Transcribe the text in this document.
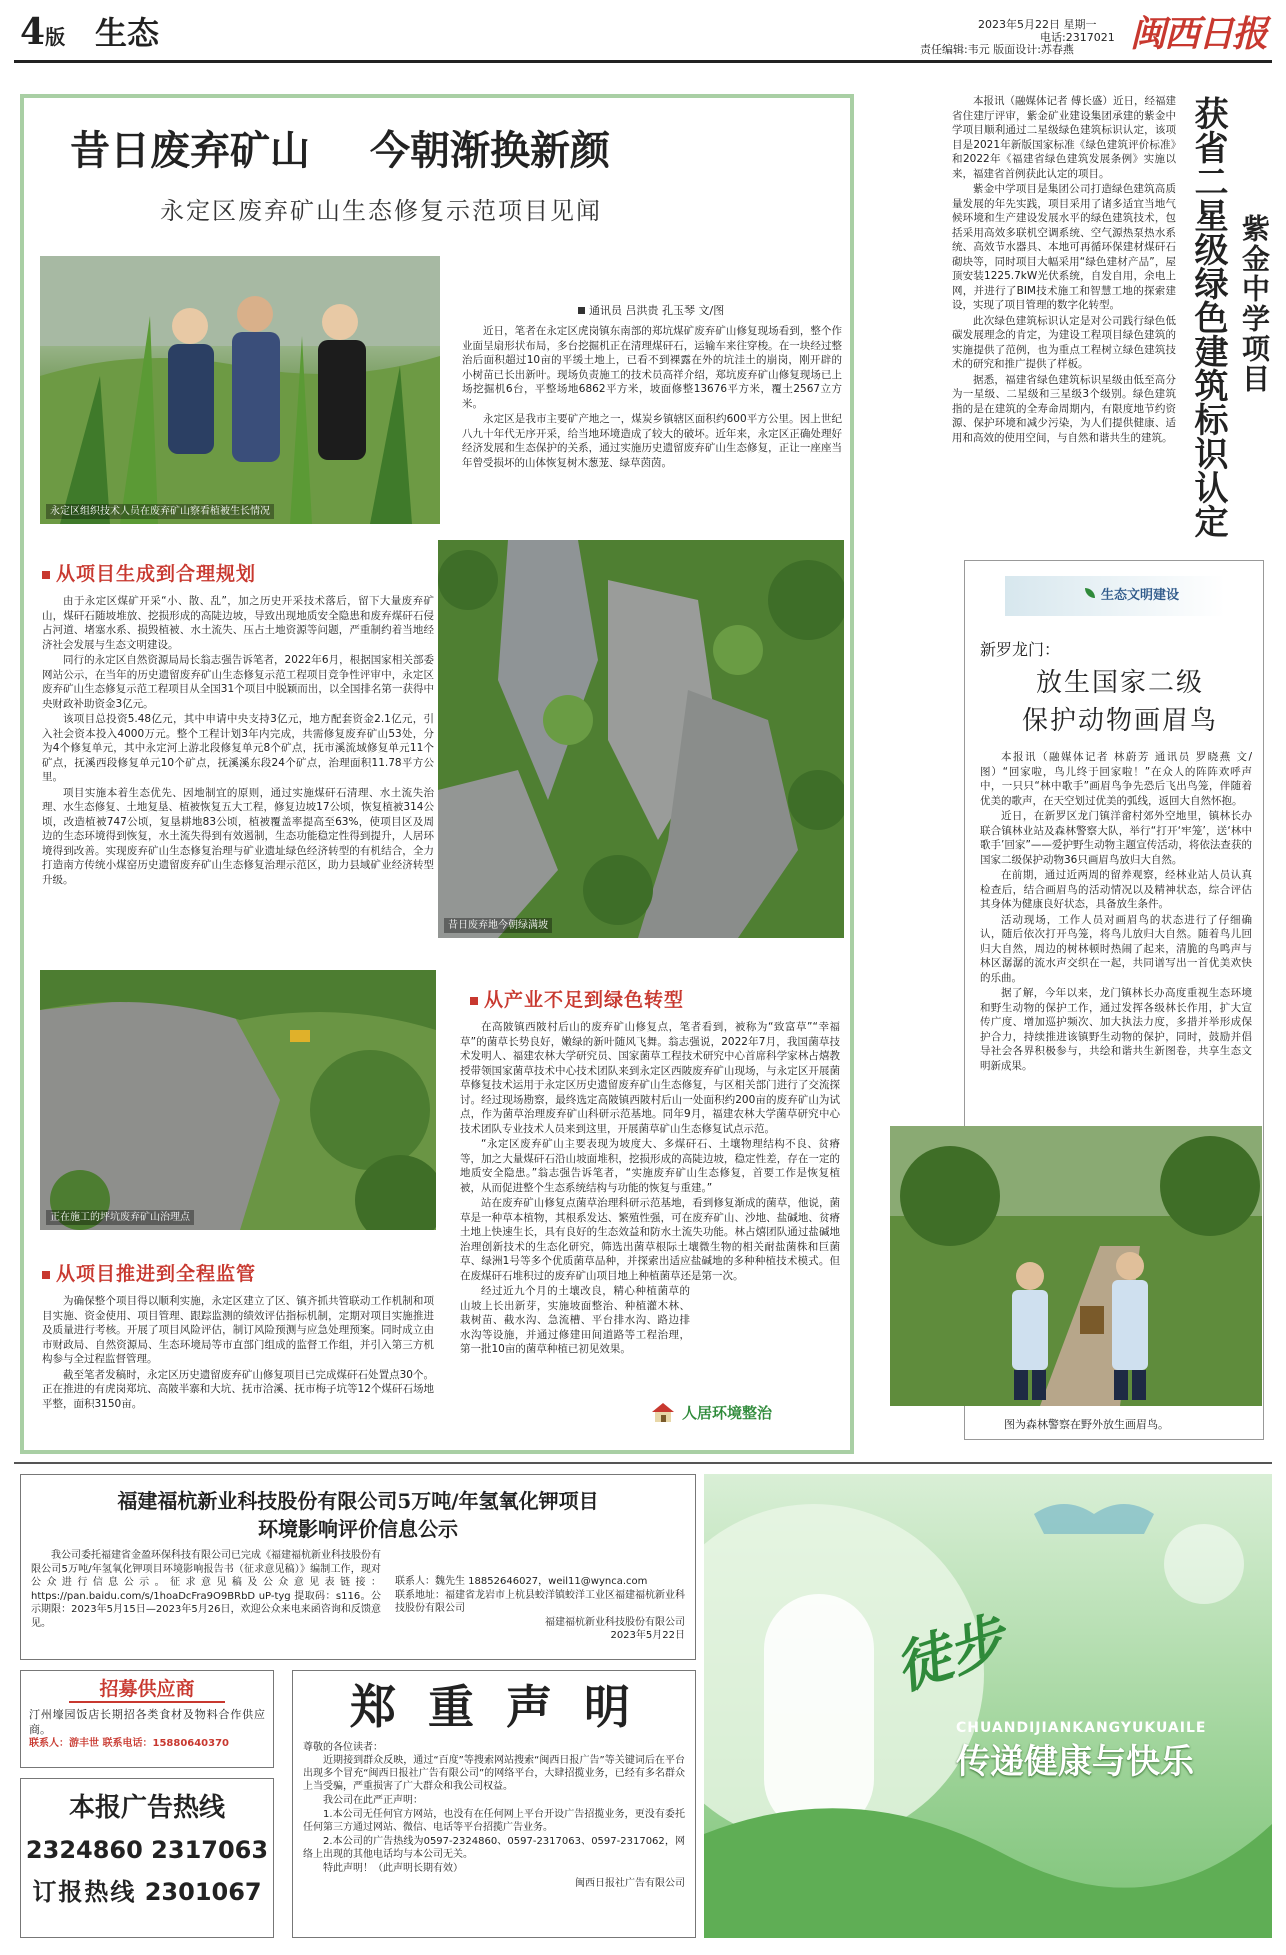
4版 生态	2023年5月22日 星期一
电话:2317021
责任编辑:韦元 版面设计:苏春燕 闽西日报
昔日废弃矿山 今朝渐换新颜
永定区废弃矿山生态修复示范项目见闻
永定区组织技术人员在废弃矿山察看植被生长情况
通讯员 吕洪贵 孔玉琴 文/图

近日，笔者在永定区虎岗镇东南部的郑坑煤矿废弃矿山修复现场看到，整个作业面呈扇形状布局，多台挖掘机正在清理煤矸石，运输车来往穿梭。在一块经过整治后面积超过10亩的平缓土地上，已看不到裸露在外的坑洼土的崩岗，刚开辟的小树苗已长出新叶。现场负责施工的技术员高祥介绍，郑坑废弃矿山修复现场已上场挖掘机6台，平整场地6862平方米，坡面修整13676平方米，覆土2567立方米。

永定区是我市主要矿产地之一，煤炭乡镇辖区面积约600平方公里。因上世纪八九十年代无序开采，给当地环境造成了较大的破坏。近年来，永定区正确处理好经济发展和生态保护的关系，通过实施历史遗留废弃矿山生态修复，正让一座座当年曾受损坏的山体恢复树木葱茏、绿草茵茵。

昔日废弃地今朝绿满坡
从项目生成到合理规划

由于永定区煤矿开采“小、散、乱”，加之历史开采技术落后，留下大量废弃矿山，煤矸石随坡堆放、挖损形成的高陡边坡，导致出现地质安全隐患和废弃煤矸石侵占河道、堵塞水系、损毁植被、水土流失、压占土地资源等问题，严重制约着当地经济社会发展与生态文明建设。

同行的永定区自然资源局局长翁志强告诉笔者，2022年6月，根据国家相关部委网站公示，在当年的历史遗留废弃矿山生态修复示范工程项目竞争性评审中，永定区废弃矿山生态修复示范工程项目从全国31个项目中脱颖而出，以全国排名第一获得中央财政补助资金3亿元。

该项目总投资5.48亿元，其中申请中央支持3亿元，地方配套资金2.1亿元，引入社会资本投入4000万元。整个工程计划3年内完成，共需修复废弃矿山53处，分为4个修复单元，其中永定河上游北段修复单元8个矿点，抚市溪流域修复单元11个矿点，抚溪西段修复单元10个矿点，抚溪溪东段24个矿点，治理面积11.78平方公里。

项目实施本着生态优先、因地制宜的原则，通过实施煤矸石清理、水土流失治理、水生态修复、土地复垦、植被恢复五大工程，修复边坡17公顷，恢复植被314公顷，改造植被747公顷，复垦耕地83公顷，植被覆盖率提高至63%，使项目区及周边的生态环境得到恢复，水土流失得到有效遏制，生态功能稳定性得到提升，人居环境得到改善。实现废弃矿山生态修复治理与矿业遗址绿色经济转型的有机结合，全力打造南方传统小煤窑历史遗留废弃矿山生态修复治理示范区，助力县域矿业经济转型升级。

正在施工的坪坑废弃矿山治理点
从项目推进到全程监管

为确保整个项目得以顺利实施，永定区建立了区、镇齐抓共管联动工作机制和项目实施、资金使用、项目管理、跟踪监测的绩效评估指标机制，定期对项目实施推进及质量进行考核。开展了项目风险评估，制订风险预测与应急处理预案。同时成立由市财政局、自然资源局、生态环境局等市直部门组成的监督工作组，并引入第三方机构参与全过程监督管理。

截至笔者发稿时，永定区历史遗留废弃矿山修复项目已完成煤矸石处置点30个。正在推进的有虎岗郑坑、高陂半寨和大坑、抚市洽溪、抚市梅子坑等12个煤矸石场地平整，面积3150亩。

从产业不足到绿色转型

在高陂镇西陂村后山的废弃矿山修复点，笔者看到，被称为“致富草”“幸福草”的菌草长势良好，嫩绿的新叶随风飞舞。翁志强说，2022年7月，我国菌草技术发明人、福建农林大学研究员、国家菌草工程技术研究中心首席科学家林占熺教授带领国家菌草技术中心技术团队来到永定区西陂废弃矿山现场，与永定区开展菌草修复技术运用于永定区历史遗留废弃矿山生态修复，与区相关部门进行了交流探讨。经过现场勘察，最终选定高陂镇西陂村后山一处面积约200亩的废弃矿山为试点，作为菌草治理废弃矿山科研示范基地。同年9月，福建农林大学菌草研究中心技术团队专业技术人员来到这里，开展菌草矿山生态修复试点示范。

“永定区废弃矿山主要表现为坡度大、多煤矸石、土壤物理结构不良、贫瘠等，加之大量煤矸石沿山坡面堆积，挖损形成的高陡边坡，稳定性差，存在一定的地质安全隐患。”翁志强告诉笔者，“实施废弃矿山生态修复，首要工作是恢复植被，从而促进整个生态系统结构与功能的恢复与重建。”

站在废弃矿山修复点菌草治理科研示范基地，看到修复渐成的菌草，他说，菌草是一种草本植物，其根系发达、繁殖性强，可在废弃矿山、沙地、盐碱地、贫瘠土地上快速生长，具有良好的生态效益和防水土流失功能。林占熺团队通过盐碱地治理创新技术的生态化研究，筛选出菌草根际土壤微生物的相关耐盐菌株和巨菌草、绿洲1号等多个优质菌草品种，并探索出适应盐碱地的多种种植技术模式。但在废煤矸石堆积过的废弃矿山项目地上种植菌草还是第一次。

经过近九个月的土壤改良，精心种植菌草的山坡上长出新芽，实施坡面整治、种植灌木林、栽树苗、截水沟、急流槽、平台排水沟、路边排水沟等设施，并通过修建田间道路等工程治理，第一批10亩的菌草种植已初见效果。

人居环境整治

本报讯（融媒体记者 傅长盛）近日，经福建省住建厅评审，紫金矿业建设集团承建的紫金中学项目顺利通过二星级绿色建筑标识认定，该项目是2021年新版国家标准《绿色建筑评价标准》和2022年《福建省绿色建筑发展条例》实施以来，福建省首例获此认定的项目。

紫金中学项目是集团公司打造绿色建筑高质量发展的年先实践，项目采用了诸多适宜当地气候环境和生产建设发展水平的绿色建筑技术，包括采用高效多联机空调系统、空气源热泵热水系统、高效节水器具、本地可再循环保建材煤矸石砌块等，同时项目大幅采用“绿色建材产品”，屋顶安装1225.7kW光伏系统，自发自用，余电上网，并进行了BIM技术施工和智慧工地的探索建设，实现了项目管理的数字化转型。

此次绿色建筑标识认定是对公司践行绿色低碳发展理念的肯定，为建设工程项目绿色建筑的实施提供了范例，也为重点工程树立绿色建筑技术的研究和推广提供了样板。

据悉，福建省绿色建筑标识星级由低至高分为一星级、二星级和三星级3个级别。绿色建筑指的是在建筑的全寿命周期内，有限度地节约资源、保护环境和减少污染，为人们提供健康、适用和高效的使用空间，与自然和谐共生的建筑。

紫金中学项目
获省二星级绿色建筑标识认定
生态文明建设
新罗龙门：
放生国家二级
保护动物画眉鸟

本报讯（融媒体记者 林蔚芳 通讯员 罗晓燕 文/图）“回家啦，鸟儿终于回家啦！”在众人的阵阵欢呼声中，一只只“林中歌手”画眉鸟争先恐后飞出鸟笼，伴随着优美的歌声，在天空划过优美的弧线，返回大自然怀抱。

近日，在新罗区龙门镇洋畲村郊外空地里，镇林长办联合镇林业站及森林警察大队，举行“打开‘牢笼’，送‘林中歌手’回家”——爱护野生动物主题宣传活动，将依法查获的国家二级保护动物36只画眉鸟放归大自然。

在前期，通过近两周的留养观察，经林业站人员认真检查后，结合画眉鸟的活动情况以及精神状态，综合评估其身体为健康良好状态，具备放生条件。

活动现场，工作人员对画眉鸟的状态进行了仔细确认，随后依次打开鸟笼，将鸟儿放归大自然。随着鸟儿回归大自然，周边的树林顿时热闹了起来，清脆的鸟鸣声与林区潺潺的流水声交织在一起，共同谱写出一首优美欢快的乐曲。

据了解，今年以来，龙门镇林长办高度重视生态环境和野生动物的保护工作，通过发挥各级林长作用，扩大宣传广度、增加巡护频次、加大执法力度，多措并举形成保护合力，持续推进该镇野生动物的保护，同时，鼓励并倡导社会各界积极参与，共绘和谐共生新图卷，共享生态文明新成果。

图为森林警察在野外放生画眉鸟。
福建福杭新业科技股份有限公司5万吨/年氢氧化钾项目
环境影响评价信息公示

我公司委托福建省金盈环保科技有限公司已完成《福建福杭新业科技股份有限公司5万吨/年氢氧化钾项目环境影响报告书（征求意见稿）》编制工作，现对公众进行信息公示。征求意见稿及公众意见表链接：https://pan.baidu.com/s/1hoaDcFra9O9BRbD uP-tyg 提取码：s116。公示期限：2023年5月15日—2023年5月26日，欢迎公众来电来函咨询和反馈意见。

联系人：魏先生 18852646027，weil11@wynca.com

联系地址：福建省龙岩市上杭县蛟洋镇蛟洋工业区福建福杭新业科技股份有限公司

福建福杭新业科技股份有限公司

2023年5月22日

招募供应商

汀州壕园饭店长期招各类食材及物料合作供应商。

联系人：游丰世 联系电话：15880640370

本报广告热线
2324860 2317063
订报热线 2301067
郑 重 声 明

尊敬的各位读者：

近期接到群众反映，通过“百度”等搜索网站搜索“闽西日报广告”等关键词后在平台出现多个冒充“闽西日报社广告有限公司”的网络平台，大肆招揽业务，已经有多名群众上当受骗，严重损害了广大群众和我公司权益。

我公司在此严正声明：

1.本公司无任何官方网站，也没有在任何网上平台开设广告招揽业务，更没有委托任何第三方通过网站、微信、电话等平台招揽广告业务。

2.本公司的广告热线为0597-2324860、0597-2317063、0597-2317062，网络上出现的其他电话均与本公司无关。

特此声明！（此声明长期有效）

闽西日报社广告有限公司

徒步
CHUANDIJIANKANGYUKUAILE
传递健康与快乐
